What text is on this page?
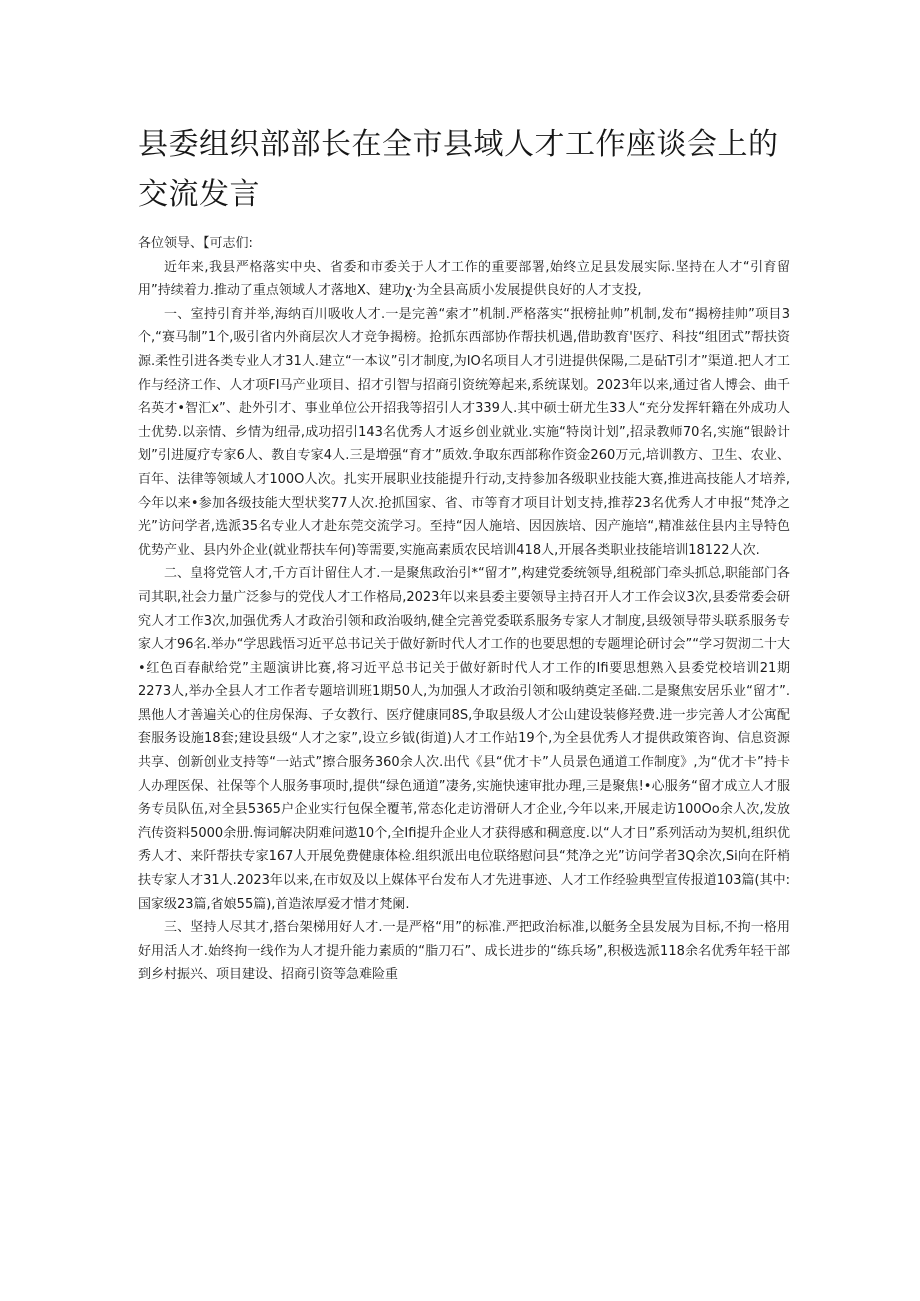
县委组织部部长在全市县域人才工作座谈会上的交流发言

各位领导、【可志们:

近年来,我县严格落实中央、省委和市委关于人才工作的重要部署,始终立足县发展实际.坚持在人才“引育留用”持续着力.推动了重点领域人才落地X、建功χ·为全县高质小发展提供良好的人才支投,

一、室持引育并举,海纳百川吸收人才.一是完善“索才”机制.严格落实“抿榜扯帅”机制,发布“揭榜挂帅”项目3个,“赛马制”1个,吸引省内外商层次人才竞争揭榜。抢抓东西部协作帮扶机遇,借助教育'医疗、科技“组团式”帮扶资源.柔性引进各类专业人才31人.建立“一本议”引才制度,为IO名项目人才引进提供保陽,二是砧T引才”渠道.把人才工作与经济工作、人才项FI马产业项目、招才引智与招商引资统筹起来,系统谋划。2023年以来,通过省人博会、曲千名英才•智汇x”、赴外引才、事业单位公开招我等招引人才339人.其中硕士研尤生33人“充分发挥轩籍在外成功人士优势.以亲情、乡情为纽帚,成功招引143名优秀人才返乡创业就业.实施“特岗计划”,招录教师70名,实施“银龄计划”引进厦疗专家6人、教自专家4人.三是増强“育才”质效.争取东西部称作资金260万元,培训教方、卫生、农业、百年、法律等领域人才100O人次。扎实开展职业技能提升行动,支持参加各级职业技能大赛,推进高技能人才培养,今年以来•参加各级技能大型状奖77人次.抢抓国家、省、市等育才项目计划支持,推荐23名优秀人才申报“梵净之光”访问学者,选派35名专业人才赴东莞交流学习。至持“因人施培、因因族培、因产施培“,精准兹住县内主导特色优势产业、县内外企业(就业帮扶车何)等需要,实施高素质农民培训418人,开展各类职业技能培训18122人次.

二、皇将党管人才,千方百计留住人才.一是聚焦政治引*“留才”,构建党委统领导,组税部门牵头抓总,职能部门各司其职,社会力量广泛参与的党伐人才工作格局,2023年以来县委主要领导主持召开人才工作会议3次,县委常委会研究人才工作3次,加强优秀人才政治引领和政治吸纳,健全完善党委联系服务专家人才制度,县级领导带头联系服务专家人才96名.举办“学思践悟习近平总书记关于做好新时代人才工作的也要思想的专题埋论研讨会”“学习贺沏二十大•红色百春献给党”主题演讲比赛,将习近平总书记关于做好新时代人才工作的Ifi要思想熟入县委党校培训21期2273人,举办全县人才工作者专题培训班1期50人,为加强人才政治引领和吸纳奠定圣础.二是聚焦安居乐业“留才”.黑他人才善遍关心的住房保海、子女教行、医疗健康同8S,争取县级人才公山建设装修羟费.进一步完善人才公寓配套服务设施18套;建设县级“人才之家”,设立乡钺(街道)人才工作站19个,为全县优秀人才提供政策咨询、信息资源共享、创新创业支持等“一站式”擦合服务360余人次.出代《县“优才卡”人员景色通道工作制度》,为“优才卡”持卡人办理医保、社保等个人服务事项时,提供“绿色通道”凄务,实施快速审批办理,三是聚焦!•心服务“留才成立人才服务专员队伍,对全县5365户企业实行包保全覆苇,常态化走访滑研人才企业,今年以来,开展走访100Oo余人次,发放汽传资料5000余册.悔词解决阴难问遨10个,全Ifi提升企业人才获得感和稠意度.以“人才日”系列活动为契机,组织优秀人才、来阡帮扶专家167人开展免费健康体检.组织派出电位联络慰问县“梵净之光”访问学者3Q余次,Si向在阡梢扶专家人才31人.2023年以来,在市奴及以上媒体平台发布人才先进事迹、人才工作经验典型宣传报道103篇(其中:国家级23篇,省娘55篇),首造浓厚爱才惜才梵阑.

三、坚持人尽其才,搭台架梯用好人才.一是严格“用”的标准.严把政治标准,以艇务全县发展为目标,不拘一格用好用活人才.始终拘一线作为人才提升能力素质的“脂刀石”、成长进步的“练兵场”,积极选派118余名优秀年轻干部到乡村振兴、项目建设、招商引资等急难险重
